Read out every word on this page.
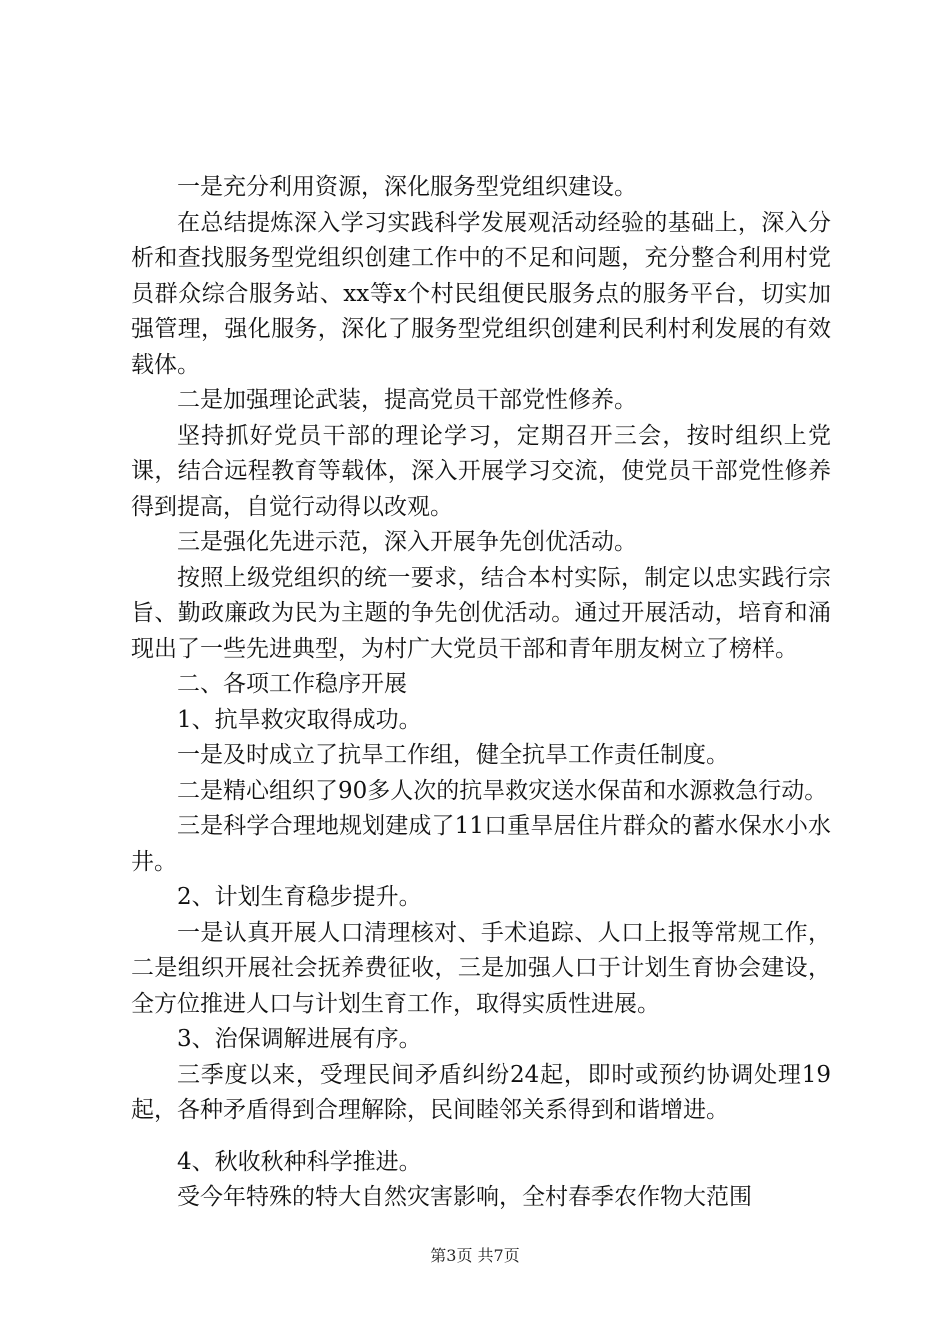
一是充分利用资源，深化服务型党组织建设。

在总结提炼深入学习实践科学发展观活动经验的基础上，深入分析和查找服务型党组织创建工作中的不足和问题，充分整合利用村党员群众综合服务站、xx等x个村民组便民服务点的服务平台，切实加强管理，强化服务，深化了服务型党组织创建利民利村利发展的有效载体。

二是加强理论武装，提高党员干部党性修养。

坚持抓好党员干部的理论学习，定期召开三会，按时组织上党课，结合远程教育等载体，深入开展学习交流，使党员干部党性修养得到提高，自觉行动得以改观。

三是强化先进示范，深入开展争先创优活动。

按照上级党组织的统一要求，结合本村实际，制定以忠实践行宗旨、勤政廉政为民为主题的争先创优活动。通过开展活动，培育和涌现出了一些先进典型，为村广大党员干部和青年朋友树立了榜样。

二、各项工作稳序开展

1、抗旱救灾取得成功。

一是及时成立了抗旱工作组，健全抗旱工作责任制度。

二是精心组织了90多人次的抗旱救灾送水保苗和水源救急行动。

三是科学合理地规划建成了11口重旱居住片群众的蓄水保水小水井。

2、计划生育稳步提升。

一是认真开展人口清理核对、手术追踪、人口上报等常规工作，二是组织开展社会抚养费征收，三是加强人口于计划生育协会建设，全方位推进人口与计划生育工作，取得实质性进展。

3、治保调解进展有序。

三季度以来，受理民间矛盾纠纷24起，即时或预约协调处理19起，各种矛盾得到合理解除，民间睦邻关系得到和谐增进。

4、秋收秋种科学推进。

受今年特殊的特大自然灾害影响，全村春季农作物大范围

第3页 共7页
